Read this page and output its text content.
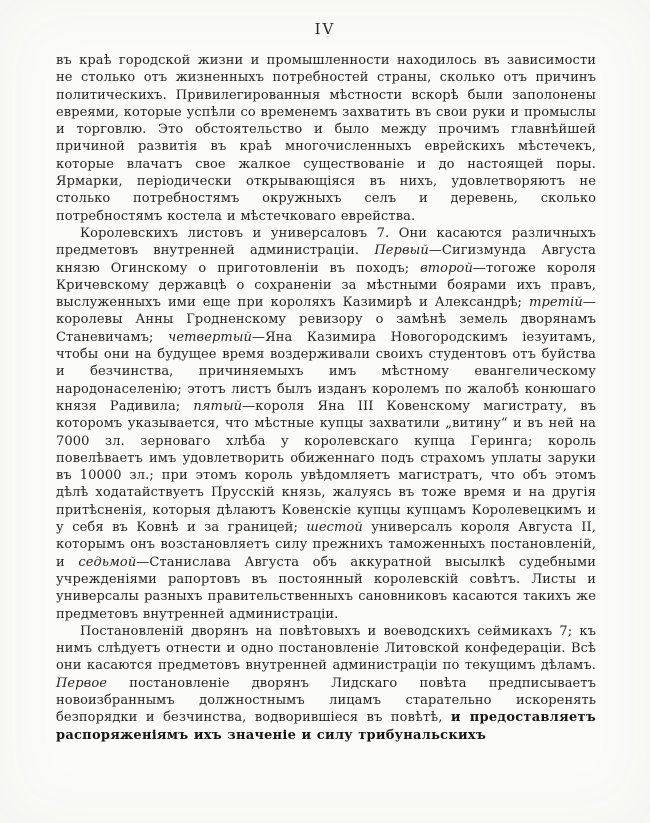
IV

въ краѣ городской жизни и промышленности находилось въ зависимости не столько отъ жизненныхъ потребностей страны, сколько отъ причинъ политическихъ. Привилегированныя мѣстности вскорѣ были заполонены евреями, которые успѣли со временемъ захватить въ свои руки и промыслы и торговлю. Это обстоятельство и было между прочимъ главнѣйшей причиной развитія въ краѣ многочисленныхъ еврейскихъ мѣстечекъ, которые влачатъ свое жалкое существованіе и до настоящей поры. Ярмарки, періодически открывающіяся въ нихъ, удовлетворяютъ не столько потребностямъ окружныхъ селъ и деревень, сколько потребностямъ костела и мѣстечковаго еврейства.

Королевскихъ листовъ и универсаловъ 7. Они касаются различныхъ предметовъ внутренней администраціи. Первый—Сигизмунда Августа князю Огинскому о приготовленіи въ походъ; второй—тогоже короля Кричевскому державцѣ о сохраненіи за мѣстными боярами ихъ правъ, выслуженныхъ ими еще при короляхъ Казимирѣ и Александрѣ; третій—королевы Анны Гродненскому ревизору о замѣнѣ земель дворянамъ Станевичамъ; четвертый—Яна Казимира Новогородскимъ іезуитамъ, чтобы они на будущее время воздерживали своихъ студентовъ отъ буйства и безчинства, причиняемыхъ имъ мѣстному евангелическому народонаселенію; этотъ листъ былъ изданъ королемъ по жалобѣ конюшаго князя Радивила; пятый—короля Яна III Ковенскому магистрату, въ которомъ указывается, что мѣстные купцы захватили „витину“ и въ ней на 7000 зл. зерноваго хлѣба у королевскаго купца Геринга; король повелѣваетъ имъ удовлетворить обиженнаго подъ страхомъ уплаты заруки въ 10000 зл.; при этомъ король увѣдомляетъ магистратъ, что объ этомъ дѣлѣ ходатайствуетъ Прусскій князь, жалуясь въ тоже время и на другія притѣсненія, которыя дѣлаютъ Ковенскіе купцы купцамъ Королевецкимъ и у себя въ Ковнѣ и за границей; шестой универсалъ короля Августа II, которымъ онъ возстановляетъ силу прежнихъ таможенныхъ постановленій, и седьмой—Станислава Августа объ аккуратной высылкѣ судебными учрежденіями рапортовъ въ постоянный королевскій совѣтъ. Листы и универсалы разныхъ правительственныхъ сановниковъ касаются такихъ же предметовъ внутренней администраціи.

Постановленій дворянъ на повѣтовыхъ и воеводскихъ сеймикахъ 7; къ нимъ слѣдуетъ отнести и одно постановленіе Литовской конфедераціи. Всѣ они касаются предметовъ внутренней администраціи по текущимъ дѣламъ. Первое постановленіе дворянъ Лидскаго повѣта предписываетъ новоизбраннымъ должностнымъ лицамъ старательно искоренять безпорядки и безчинства, водворившіеся въ повѣтѣ, и предоставляетъ распоряженіямъ ихъ значеніе и силу трибунальскихъ
